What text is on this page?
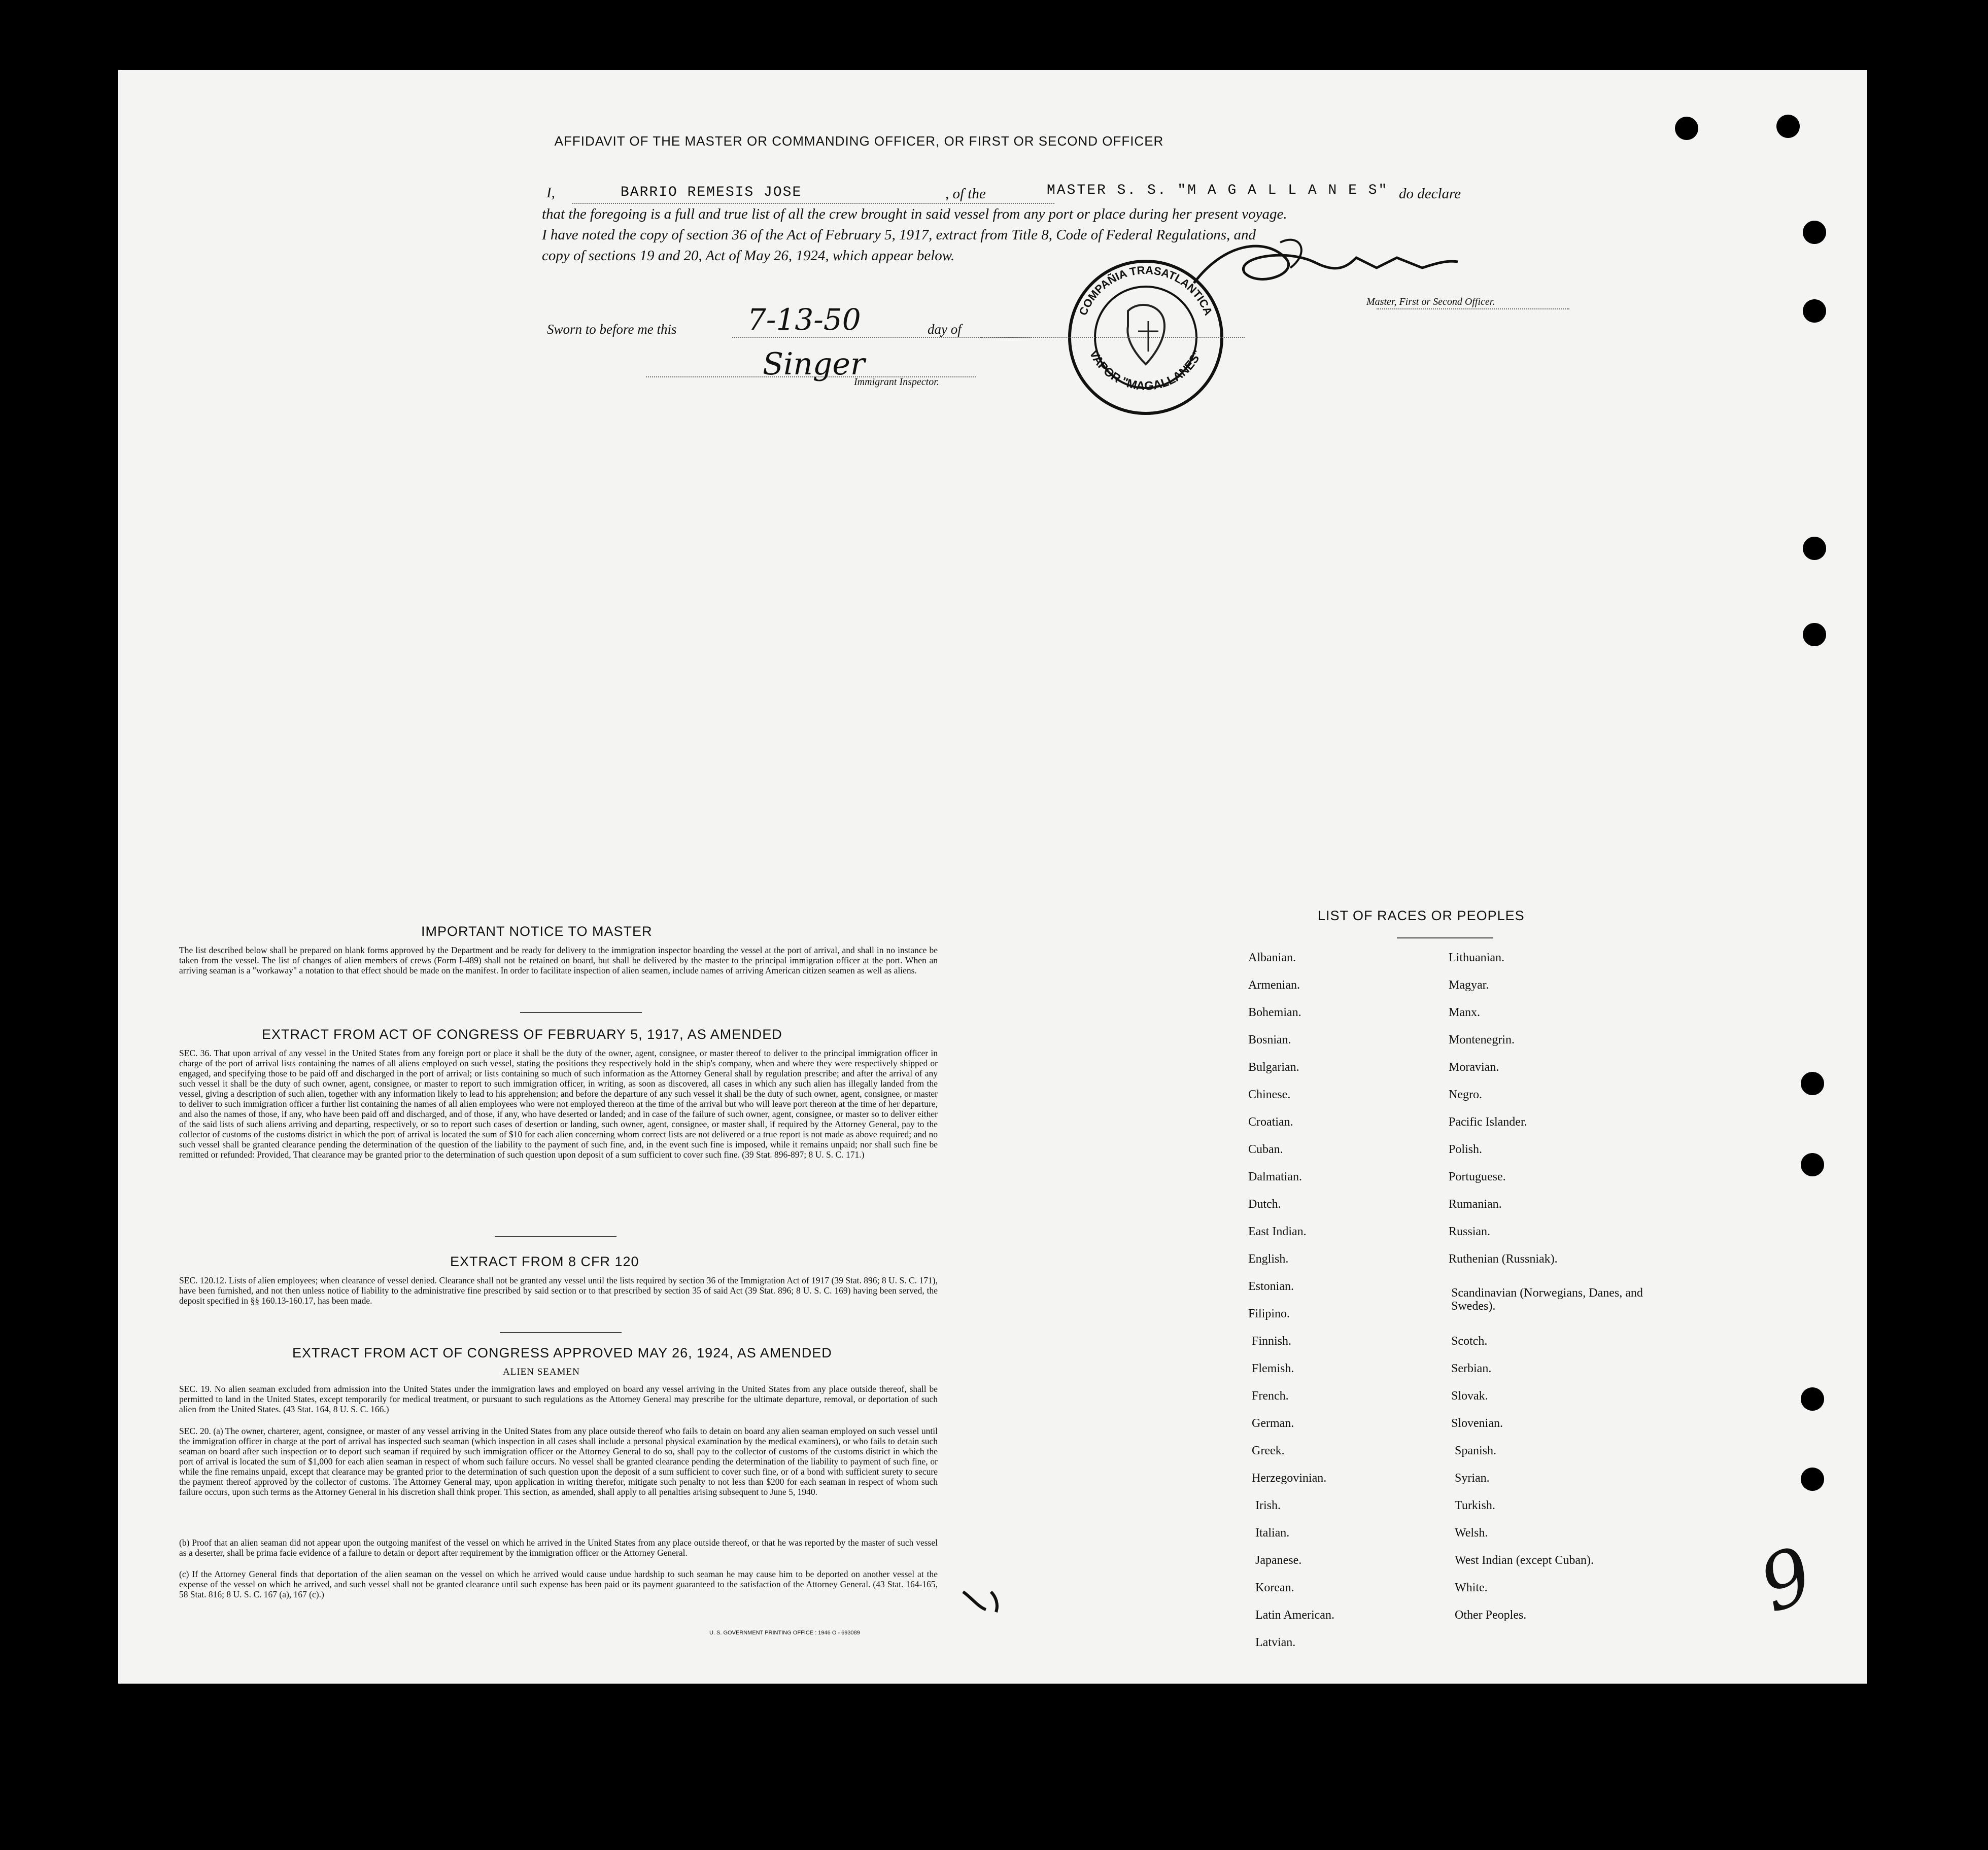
AFFIDAVIT OF THE MASTER OR COMMANDING OFFICER, OR FIRST OR SECOND OFFICER
I,	BARRIO REMESIS JOSE	, of the	MASTER S. S. "M A G A L L A N E S" do declare
that the foregoing is a full and true list of all the crew brought in said vessel from any port or place during her present voyage.
I have noted the copy of section 36 of the Act of February 5, 1917, extract from Title 8, Code of Federal Regulations, and
copy of sections 19 and 20, Act of May 26, 1924, which appear below.
Master, First or Second Officer.
COMPAÑIA TRASATLANTICA
VAPOR "MAGALLANES"
Sworn to before me this 7-13-50	day of
Singer
Immigrant Inspector.
IMPORTANT NOTICE TO MASTER
The list described below shall be prepared on blank forms approved by the Department and be ready for delivery to the immigration inspector boarding the vessel at the port of arrival, and shall in no instance be taken from the vessel. The list of changes of alien members of crews (Form I-489) shall not be retained on board, but shall be delivered by the master to the principal immigration officer at the port. When an arriving seaman is a "workaway" a notation to that effect should be made on the manifest. In order to facilitate inspection of alien seamen, include names of arriving American citizen seamen as well as aliens.
EXTRACT FROM ACT OF CONGRESS OF FEBRUARY 5, 1917, AS AMENDED
SEC. 36. That upon arrival of any vessel in the United States from any foreign port or place it shall be the duty of the owner, agent, consignee, or master thereof to deliver to the principal immigration officer in charge of the port of arrival lists containing the names of all aliens employed on such vessel, stating the positions they respectively hold in the ship's company, when and where they were respectively shipped or engaged, and specifying those to be paid off and discharged in the port of arrival; or lists containing so much of such information as the Attorney General shall by regulation prescribe; and after the arrival of any such vessel it shall be the duty of such owner, agent, consignee, or master to report to such immigration officer, in writing, as soon as discovered, all cases in which any such alien has illegally landed from the vessel, giving a description of such alien, together with any information likely to lead to his apprehension; and before the departure of any such vessel it shall be the duty of such owner, agent, consignee, or master to deliver to such immigration officer a further list containing the names of all alien employees who were not employed thereon at the time of the arrival but who will leave port thereon at the time of her departure, and also the names of those, if any, who have been paid off and discharged, and of those, if any, who have deserted or landed; and in case of the failure of such owner, agent, consignee, or master so to deliver either of the said lists of such aliens arriving and departing, respectively, or so to report such cases of desertion or landing, such owner, agent, consignee, or master shall, if required by the Attorney General, pay to the collector of customs of the customs district in which the port of arrival is located the sum of $10 for each alien concerning whom correct lists are not delivered or a true report is not made as above required; and no such vessel shall be granted clearance pending the determination of the question of the liability to the payment of such fine, and, in the event such fine is imposed, while it remains unpaid; nor shall such fine be remitted or refunded: Provided, That clearance may be granted prior to the determination of such question upon deposit of a sum sufficient to cover such fine. (39 Stat. 896-897; 8 U. S. C. 171.)
EXTRACT FROM 8 CFR 120
SEC. 120.12. Lists of alien employees; when clearance of vessel denied. Clearance shall not be granted any vessel until the lists required by section 36 of the Immigration Act of 1917 (39 Stat. 896; 8 U. S. C. 171), have been furnished, and not then unless notice of liability to the administrative fine prescribed by said section or to that prescribed by section 35 of said Act (39 Stat. 896; 8 U. S. C. 169) having been served, the deposit specified in §§ 160.13-160.17, has been made.
EXTRACT FROM ACT OF CONGRESS APPROVED MAY 26, 1924, AS AMENDED
ALIEN SEAMEN
SEC. 19. No alien seaman excluded from admission into the United States under the immigration laws and employed on board any vessel arriving in the United States from any place outside thereof, shall be permitted to land in the United States, except temporarily for medical treatment, or pursuant to such regulations as the Attorney General may prescribe for the ultimate departure, removal, or deportation of such alien from the United States. (43 Stat. 164, 8 U. S. C. 166.)
SEC. 20. (a) The owner, charterer, agent, consignee, or master of any vessel arriving in the United States from any place outside thereof who fails to detain on board any alien seaman employed on such vessel until the immigration officer in charge at the port of arrival has inspected such seaman (which inspection in all cases shall include a personal physical examination by the medical examiners), or who fails to detain such seaman on board after such inspection or to deport such seaman if required by such immigration officer or the Attorney General to do so, shall pay to the collector of customs of the customs district in which the port of arrival is located the sum of $1,000 for each alien seaman in respect of whom such failure occurs. No vessel shall be granted clearance pending the determination of the liability to payment of such fine, or while the fine remains unpaid, except that clearance may be granted prior to the determination of such question upon the deposit of a sum sufficient to cover such fine, or of a bond with sufficient surety to secure the payment thereof approved by the collector of customs. The Attorney General may, upon application in writing therefor, mitigate such penalty to not less than $200 for each seaman in respect of whom such failure occurs, upon such terms as the Attorney General in his discretion shall think proper. This section, as amended, shall apply to all penalties arising subsequent to June 5, 1940.
(b) Proof that an alien seaman did not appear upon the outgoing manifest of the vessel on which he arrived in the United States from any place outside thereof, or that he was reported by the master of such vessel as a deserter, shall be prima facie evidence of a failure to detain or deport after requirement by the immigration officer or the Attorney General.
(c) If the Attorney General finds that deportation of the alien seaman on the vessel on which he arrived would cause undue hardship to such seaman he may cause him to be deported on another vessel at the expense of the vessel on which he arrived, and such vessel shall not be granted clearance until such expense has been paid or its payment guaranteed to the satisfaction of the Attorney General. (43 Stat. 164-165, 58 Stat. 816; 8 U. S. C. 167 (a), 167 (c).)
U. S. GOVERNMENT PRINTING OFFICE : 1946 O - 693089
LIST OF RACES OR PEOPLES
Albanian.
Armenian.
Bohemian.
Bosnian.
Bulgarian.
Chinese.
Croatian.
Cuban.
Dalmatian.
Dutch.
East Indian.
English.
Estonian.
Filipino.
Finnish.
Flemish.
French.
German.
Greek.
Herzegovinian.
Irish.
Italian.
Japanese.
Korean.
Latin American.
Latvian.
Lithuanian.
Magyar.
Manx.
Montenegrin.
Moravian.
Negro.
Pacific Islander.
Polish.
Portuguese.
Rumanian.
Russian.
Ruthenian (Russniak).
Scandinavian (Norwegians, Danes, and Swedes).
Scotch.
Serbian.
Slovak.
Slovenian.
Spanish.
Syrian.
Turkish.
Welsh.
West Indian (except Cuban).
White.
Other Peoples.	9
